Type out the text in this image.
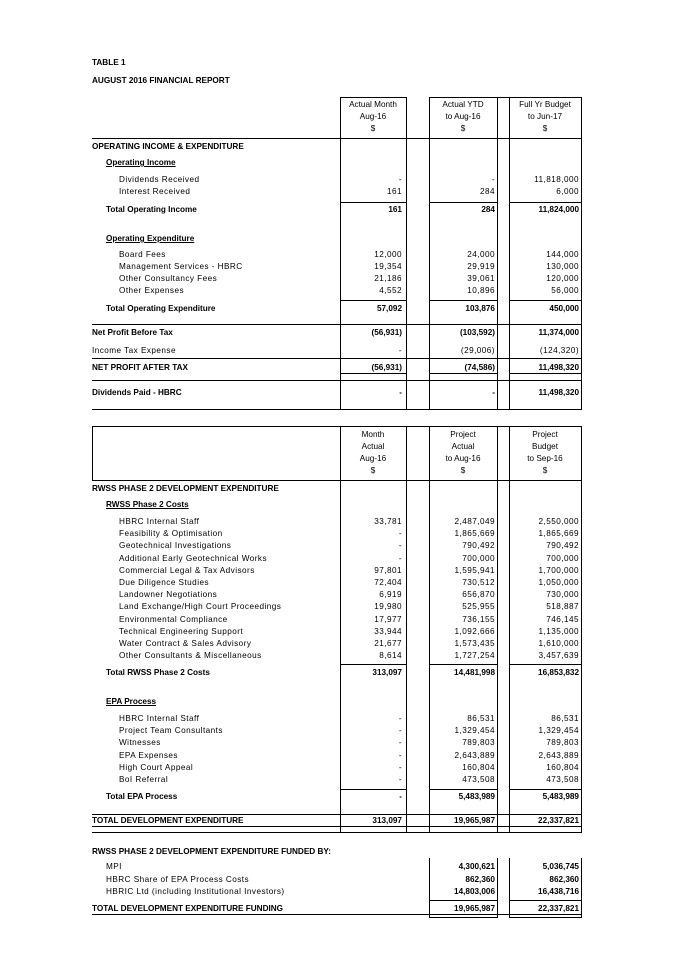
TABLE 1
AUGUST 2016 FINANCIAL REPORT
Actual Month
Aug-16
$
Actual YTD
to Aug-16
$
Full Yr Budget
to Jun-17
$
OPERATING INCOME & EXPENDITURE
Operating Income
Dividends Received	-	-	11,818,000
Interest Received	161	284	6,000
Total Operating Income	161	284	11,824,000
Operating Expenditure
Board Fees	12,000	24,000	144,000
Management Services - HBRC	19,354	29,919	130,000
Other Consultancy Fees	21,186	39,061	120,000
Other Expenses	4,552	10,896	56,000
Total Operating Expenditure	57,092	103,876	450,000
Net Profit Before Tax	(56,931)	(103,592)	11,374,000
Income Tax Expense	-	(29,006)	(124,320)
NET PROFIT AFTER TAX	(56,931)	(74,586)	11,498,320
Dividends Paid - HBRC	-	-	11,498,320
Month
Actual
Aug-16
$
Project
Actual
to Aug-16
$
Project
Budget
to Sep-16
$
RWSS PHASE 2 DEVELOPMENT EXPENDITURE
RWSS Phase 2 Costs
HBRC Internal Staff	33,781	2,487,049	2,550,000
Feasibility & Optimisation	-	1,865,669	1,865,669
Geotechnical Investigations	-	790,492	790,492
Additional Early Geotechnical Works	-	700,000	700,000
Commercial Legal & Tax Advisors	97,801	1,595,941	1,700,000
Due Diligence Studies	72,404	730,512	1,050,000
Landowner Negotiations	6,919	656,870	730,000
Land Exchange/High Court Proceedings	19,980	525,955	518,887
Environmental Compliance	17,977	736,155	746,145
Technical Engineering Support	33,944	1,092,666	1,135,000
Water Contract & Sales Advisory	21,677	1,573,435	1,610,000
Other Consultants & Miscellaneous	8,614	1,727,254	3,457,639
Total RWSS Phase 2 Costs	313,097	14,481,998	16,853,832
EPA Process
HBRC Internal Staff	-	86,531	86,531
Project Team Consultants	-	1,329,454	1,329,454
Witnesses	-	789,803	789,803
EPA Expenses	-	2,643,889	2,643,889
High Court Appeal	-	160,804	160,804
BoI Referral	-	473,508	473,508
Total EPA Process	-	5,483,989	5,483,989
TOTAL DEVELOPMENT EXPENDITURE	313,097	19,965,987	22,337,821
RWSS PHASE 2 DEVELOPMENT EXPENDITURE FUNDED BY:
MPI	4,300,621	5,036,745
HBRC Share of EPA Process Costs	862,360	862,360
HBRIC Ltd (including Institutional Investors)	14,803,006	16,438,716
TOTAL DEVELOPMENT EXPENDITURE FUNDING	19,965,987	22,337,821
